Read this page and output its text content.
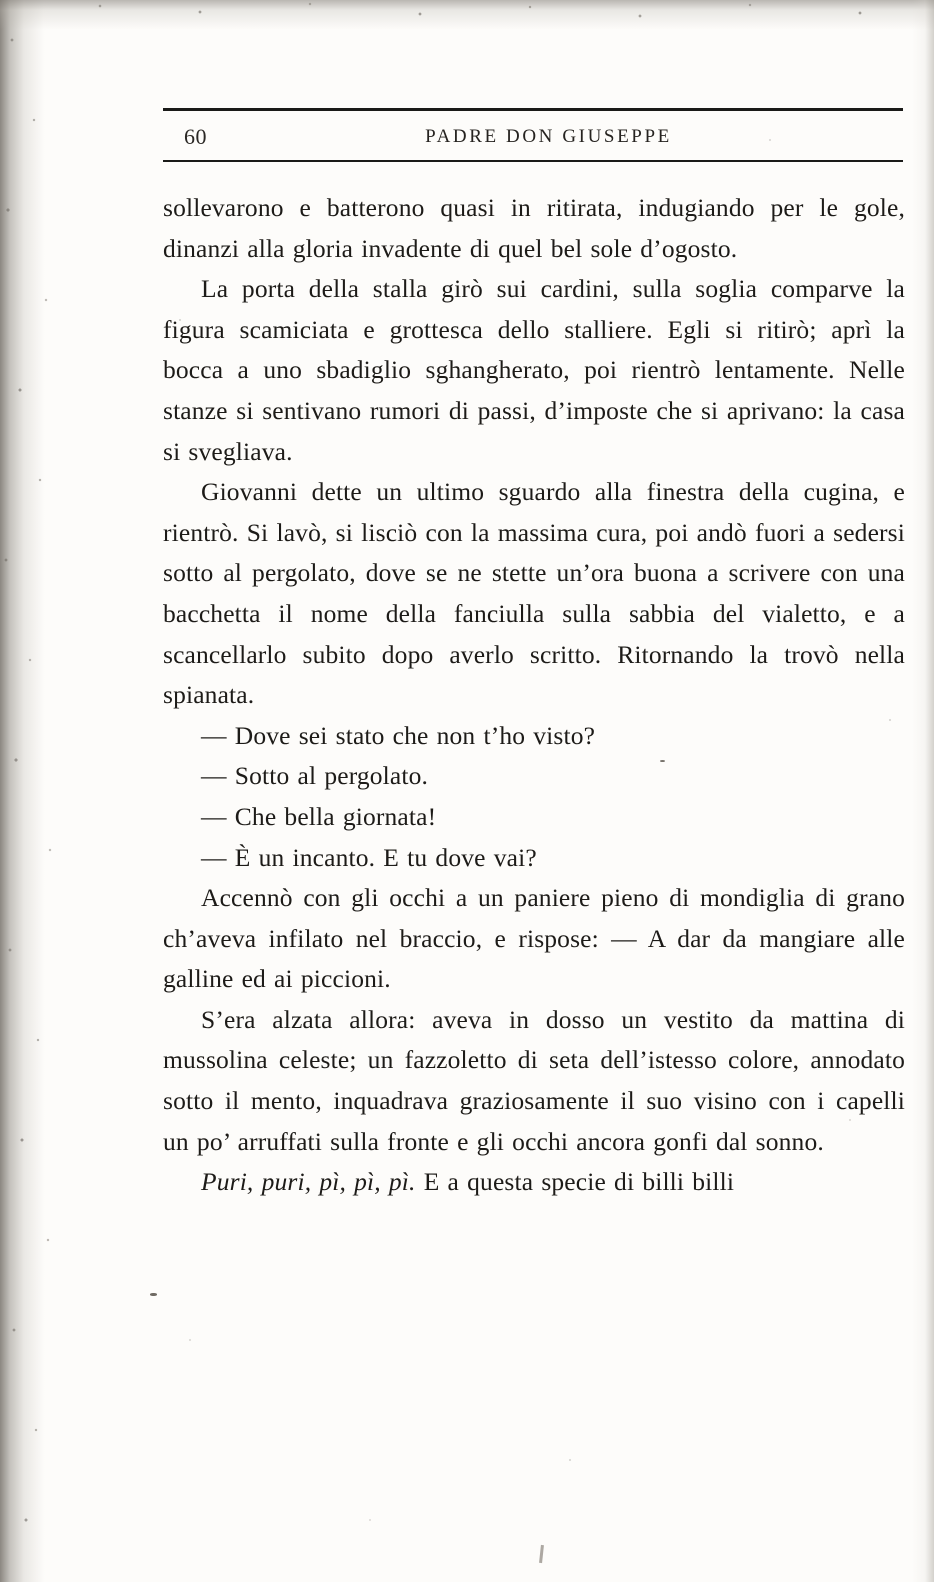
60	PADRE DON GIUSEPPE

sollevarono e batterono quasi in ritirata, indugiando per le gole, dinanzi alla gloria invadente di quel bel sole d’ogosto.

La porta della stalla girò sui cardini, sulla soglia comparve la figura scamiciata e grottesca dello stalliere. Egli si ritirò; aprì la bocca a uno sbadiglio sghangherato, poi rientrò lentamente. Nelle stanze si sentivano rumori di passi, d’imposte che si aprivano: la casa si svegliava.

Giovanni dette un ultimo sguardo alla finestra della cugina, e rientrò. Si lavò, si lisciò con la massima cura, poi andò fuori a sedersi sotto al pergolato, dove se ne stette un’ora buona a scrivere con una bacchetta il nome della fanciulla sulla sabbia del vialetto, e a scancellarlo subito dopo averlo scritto. Ritornando la trovò nella spianata.

— Dove sei stato che non t’ho visto?

— Sotto al pergolato.

— Che bella giornata!

— È un incanto. E tu dove vai?

Accennò con gli occhi a un paniere pieno di mondiglia di grano ch’aveva infilato nel braccio, e rispose: — A dar da mangiare alle galline ed ai piccioni.

S’era alzata allora: aveva in dosso un vestito da mattina di mussolina celeste; un fazzoletto di seta dell’istesso colore, annodato sotto il mento, inquadrava graziosamente il suo visino con i capelli un po’ arruffati sulla fronte e gli occhi ancora gonfi dal sonno.

Puri, puri, pì, pì, pì. E a questa specie di billi billi
